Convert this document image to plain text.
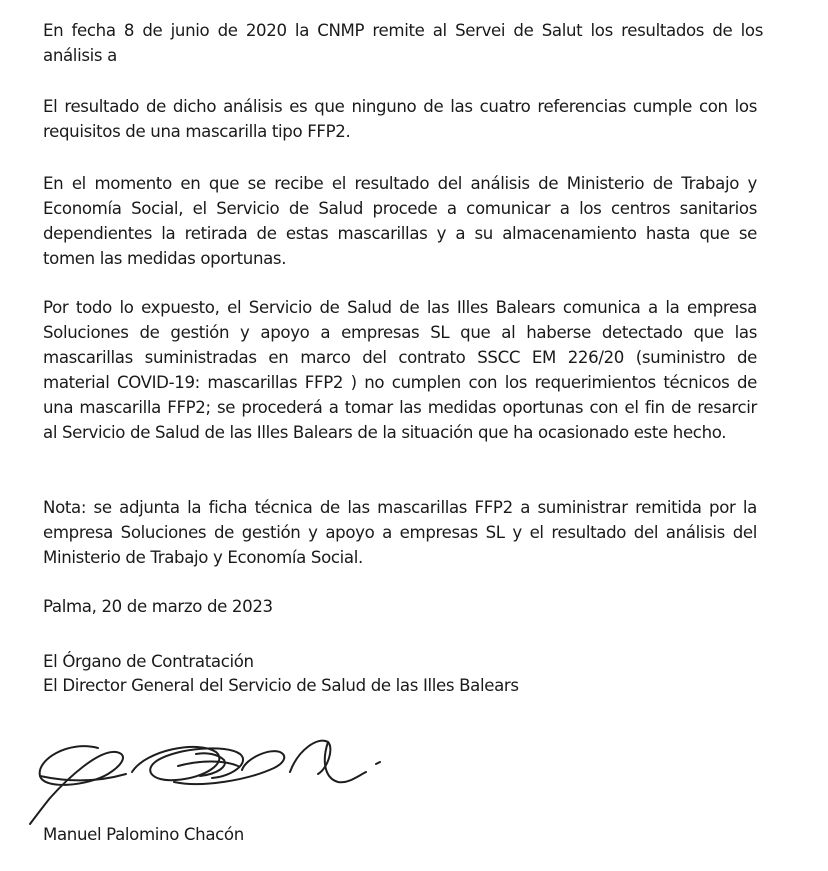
En fecha 8 de junio de 2020 la CNMP remite al Servei de Salut los resultados de los análisis a

El resultado de dicho análisis es que ninguno de las cuatro referencias cumple con los requisitos de una mascarilla tipo FFP2.

En el momento en que se recibe el resultado del análisis de Ministerio de Trabajo y Economía Social, el Servicio de Salud procede a comunicar a los centros sanitarios dependientes la retirada de estas mascarillas y a su almacenamiento hasta que se tomen las medidas oportunas.

Por todo lo expuesto, el Servicio de Salud de las Illes Balears comunica a la empresa Soluciones de gestión y apoyo a empresas SL que al haberse detectado que las mascarillas suministradas en marco del contrato SSCC EM 226/20 (suministro de material COVID-19: mascarillas FFP2 ) no cumplen con los requerimientos técnicos de una mascarilla FFP2; se procederá a tomar las medidas oportunas con el fin de resarcir al Servicio de Salud de las Illes Balears de la situación que ha ocasionado este hecho.

Nota: se adjunta la ficha técnica de las mascarillas FFP2 a suministrar remitida por la empresa Soluciones de gestión y apoyo a empresas SL y el resultado del análisis del Ministerio de Trabajo y Economía Social.

Palma, 20 de marzo de 2023

El Órgano de Contratación

El Director General del Servicio de Salud de las Illes Balears

Manuel Palomino Chacón
